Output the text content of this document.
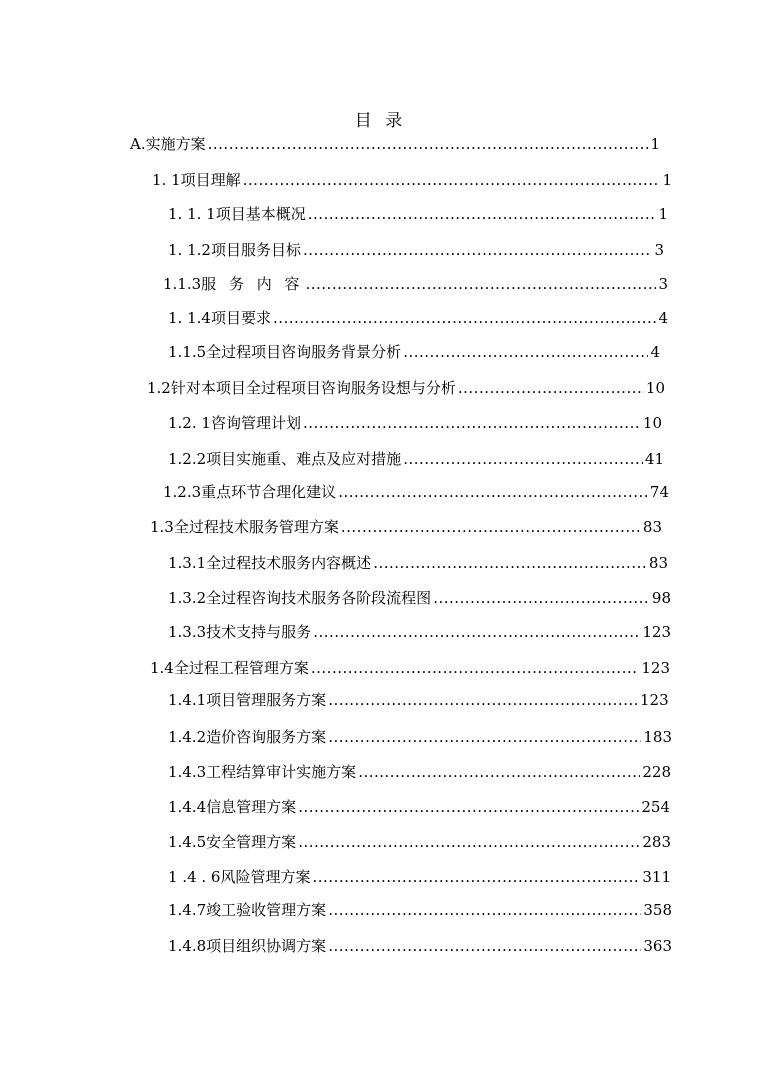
目 录
A. 实施方案 .....	1
1. 1 项目理解 .....	1
1. 1. 1 项目基本概况 .....	1
1. 1.2 项目服务目标 .....	3
1.1.3 服 务 内 容 .....	3
1. 1.4 项目要求 .....	4
1.1.5 全过程项目咨询服务背景分析 .....	4
1.2 针对本项目全过程项目咨询服务设想与分析 .....	10
1.2. 1 咨询管理计划 .....	10
1.2.2 项目实施重、难点及应对措施 .....	41
1.2.3 重点环节合理化建议 .....	74
1.3 全过程技术服务管理方案 .....	83
1.3.1 全过程技术服务内容概述 .....	83
1.3.2 全过程咨询技术服务各阶段流程图 .....	98
1.3.3 技术支持与服务 .....	123
1.4 全过程工程管理方案 .....	123
1.4.1 项目管理服务方案 .....	123
1.4.2 造价咨询服务方案 .....	183
1.4.3 工程结算审计实施方案 .....	228
1.4.4 信息管理方案 .....	254
1.4.5 安全管理方案 .....	283
1 .4 . 6 风险管理方案 .....	311
1.4.7 竣工验收管理方案 .....	358
1.4.8 项目组织协调方案 .....	363
